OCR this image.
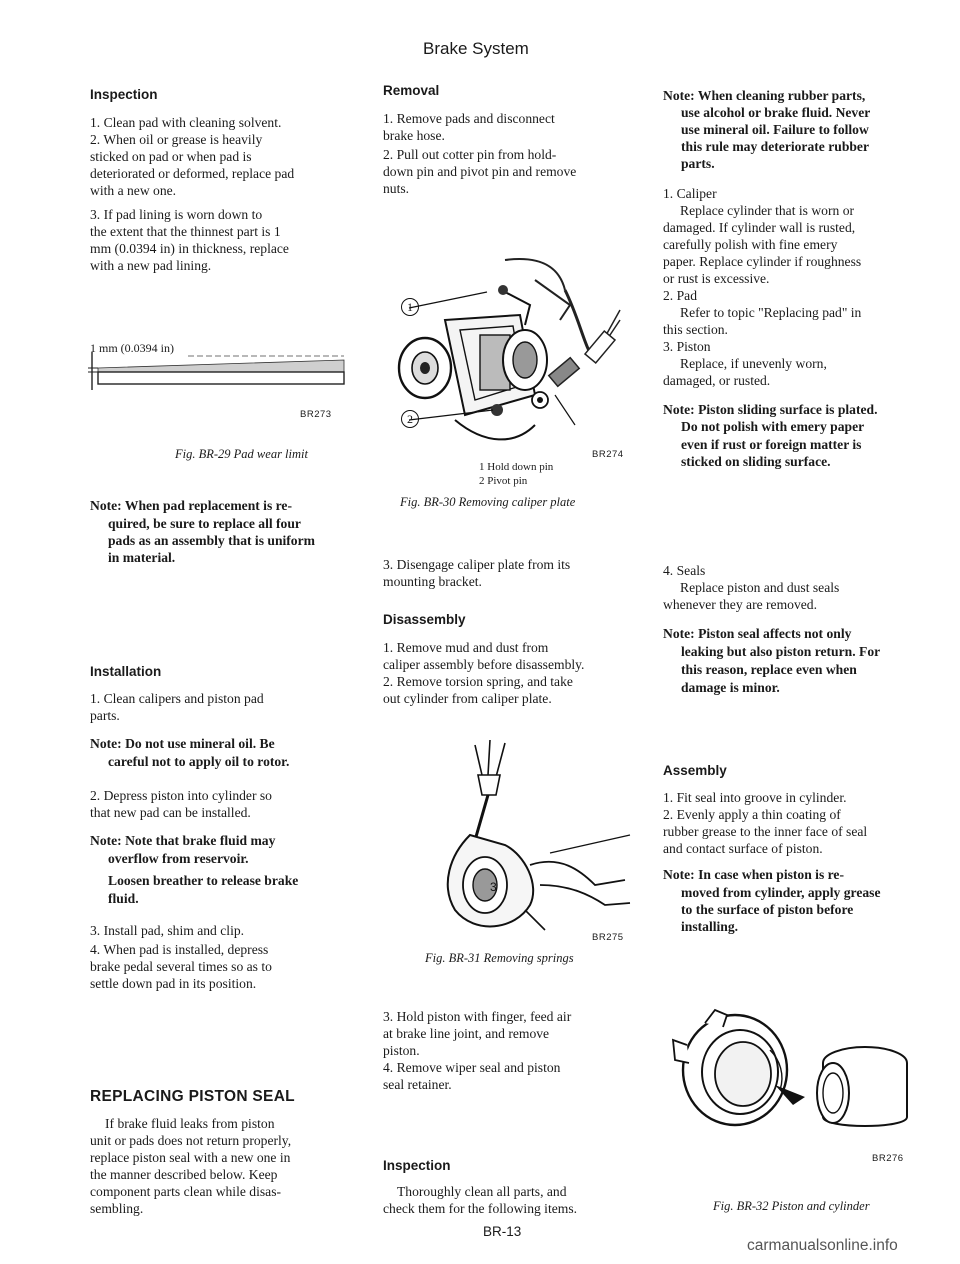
Brake System
Inspection
1. Clean pad with cleaning solvent.
2. When oil or grease is heavily
sticked on pad or when pad is
deteriorated or deformed, replace pad
with a new one.
3. If pad lining is worn down to
the extent that the thinnest part is 1
mm (0.0394 in) in thickness, replace
with a new pad lining.
1 mm (0.0394 in)
BR273
Fig. BR-29 Pad wear limit
Note: When pad replacement is re-
quired, be sure to replace all four
pads as an assembly that is uniform
in material.
Installation
1. Clean calipers and piston pad
parts.
Note: Do not use mineral oil. Be
careful not to apply oil to rotor.
2. Depress piston into cylinder so
that new pad can be installed.
Note: Note that brake fluid may
overflow from reservoir.
Loosen breather to release brake
fluid.
3. Install pad, shim and clip.
4. When pad is installed, depress
brake pedal several times so as to
settle down pad in its position.
REPLACING PISTON SEAL
If brake fluid leaks from piston
unit or pads does not return properly,
replace piston seal with a new one in
the manner described below. Keep
component parts clean while disas-
sembling.
Removal
1. Remove pads and disconnect
brake hose.
2. Pull out cotter pin from hold-
down pin and pivot pin and remove
nuts.
1
2
BR274
1 Hold down pin
2 Pivot pin
Fig. BR-30 Removing caliper plate
3. Disengage caliper plate from its
mounting bracket.
Disassembly
1. Remove mud and dust from
caliper assembly before disassembly.
2. Remove torsion spring, and take
out cylinder from caliper plate.
3
BR275
Fig. BR-31 Removing springs
3. Hold piston with finger, feed air
at brake line joint, and remove
piston.
4. Remove wiper seal and piston
seal retainer.
Inspection
Thoroughly clean all parts, and
check them for the following items.
Note: When cleaning rubber parts,
use alcohol or brake fluid. Never
use mineral oil. Failure to follow
this rule may deteriorate rubber
parts.
1. Caliper
Replace cylinder that is worn or
damaged. If cylinder wall is rusted,
carefully polish with fine emery
paper. Replace cylinder if roughness
or rust is excessive.
2. Pad
Refer to topic "Replacing pad" in
this section.
3. Piston
Replace, if unevenly worn,
damaged, or rusted.
Note: Piston sliding surface is plated.
Do not polish with emery paper
even if rust or foreign matter is
sticked on sliding surface.
4. Seals
Replace piston and dust seals
whenever they are removed.
Note: Piston seal affects not only
leaking but also piston return. For
this reason, replace even when
damage is minor.
Assembly
1. Fit seal into groove in cylinder.
2. Evenly apply a thin coating of
rubber grease to the inner face of seal
and contact surface of piston.
Note: In case when piston is re-
moved from cylinder, apply grease
to the surface of piston before
installing.
BR276
Fig. BR-32 Piston and cylinder
BR-13
carmanualsonline.info
